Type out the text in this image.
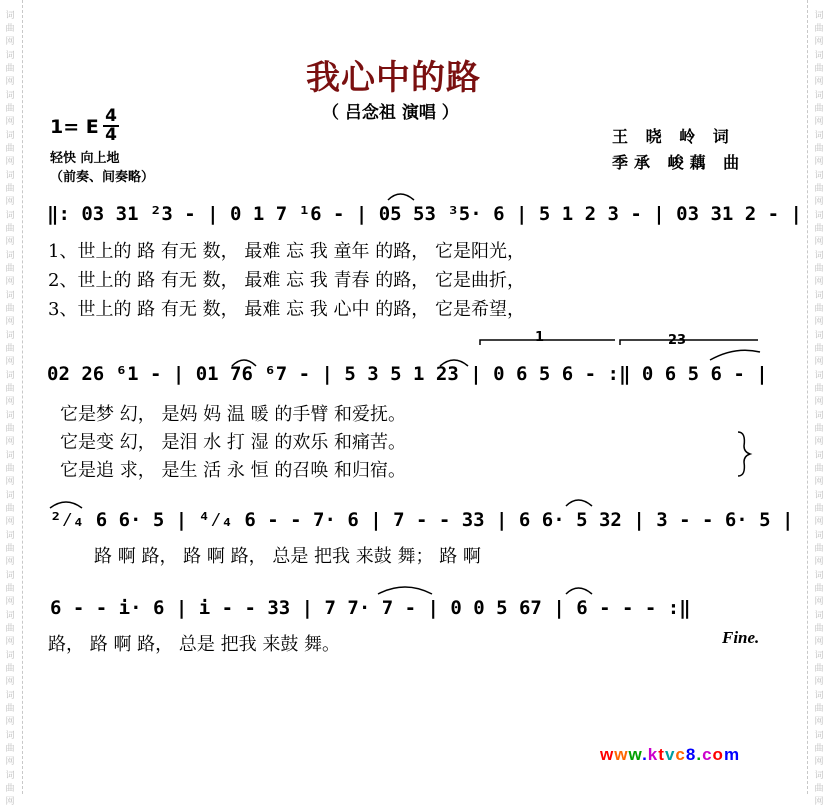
词
曲
网
词
曲
网
词
曲
网
词
曲
网
词
曲
网
词
曲
网
词
曲
网
词
曲
网
词
曲
网
词
曲
网
词
曲
网
词
曲
网
词
曲
网
词
曲
网
词
曲
网
词
曲
网
词
曲
网
词
曲
网
词
曲
网
词
曲
网
词
曲
网
词
曲
网
词
曲
网
词
曲
网
词
曲
网
词
曲
网
词
曲
网
词
曲
网
词
曲
网
词
曲
网
词
曲
网
词
曲
网
词
曲
网
词
曲
网
词
曲
网
词
曲
网
词
曲
网
词
曲
网
词
曲
网
词
曲
网
我心中的路
（ 吕念祖 演唱 ）
1= E $\frac{4}{4}$
轻快 向上地
（前奏、间奏略）
王 晓 岭 词
季承 峻藕 曲
‖: 03 31 ²3 - | 0 1 7 ¹6 - | 05 53 ³5· 6 | 5 1 2 3 - | 03 31 2 - |
1、世上的 路 有无 数， 最难 忘 我 童年 的路， 它是阳光，
2、世上的 路 有无 数， 最难 忘 我 青春 的路， 它是曲折，
3、世上的 路 有无 数， 最难 忘 我 心中 的路， 它是希望，
1	23
02 26 ⁶1 - | 01 76 ⁶7 - | 5 3 5 1 23 | 0 6 5 6 - :‖ 0 6 5 6 - |
它是梦 幻， 是妈 妈 温 暖 的手臂 和爱抚。
它是变 幻， 是泪 水 打 湿 的欢乐 和痛苦。
它是追 求， 是生 活 永 恒 的召唤 和归宿。
²⁄₄ 6 6· 5 | ⁴⁄₄ 6 - - 7· 6 | 7 - - 33 | 6 6· 5 32 | 3 - - 6· 5 |
路 啊 路， 路 啊 路， 总是 把我 来鼓 舞； 路 啊
6 - - i· 6 | i - - 33 | 7 7· 7 - | 0 0 5 67 | 6 - - - :‖
路， 路 啊 路， 总是 把我 来鼓 舞。	Fine.
www.ktvc8.com
